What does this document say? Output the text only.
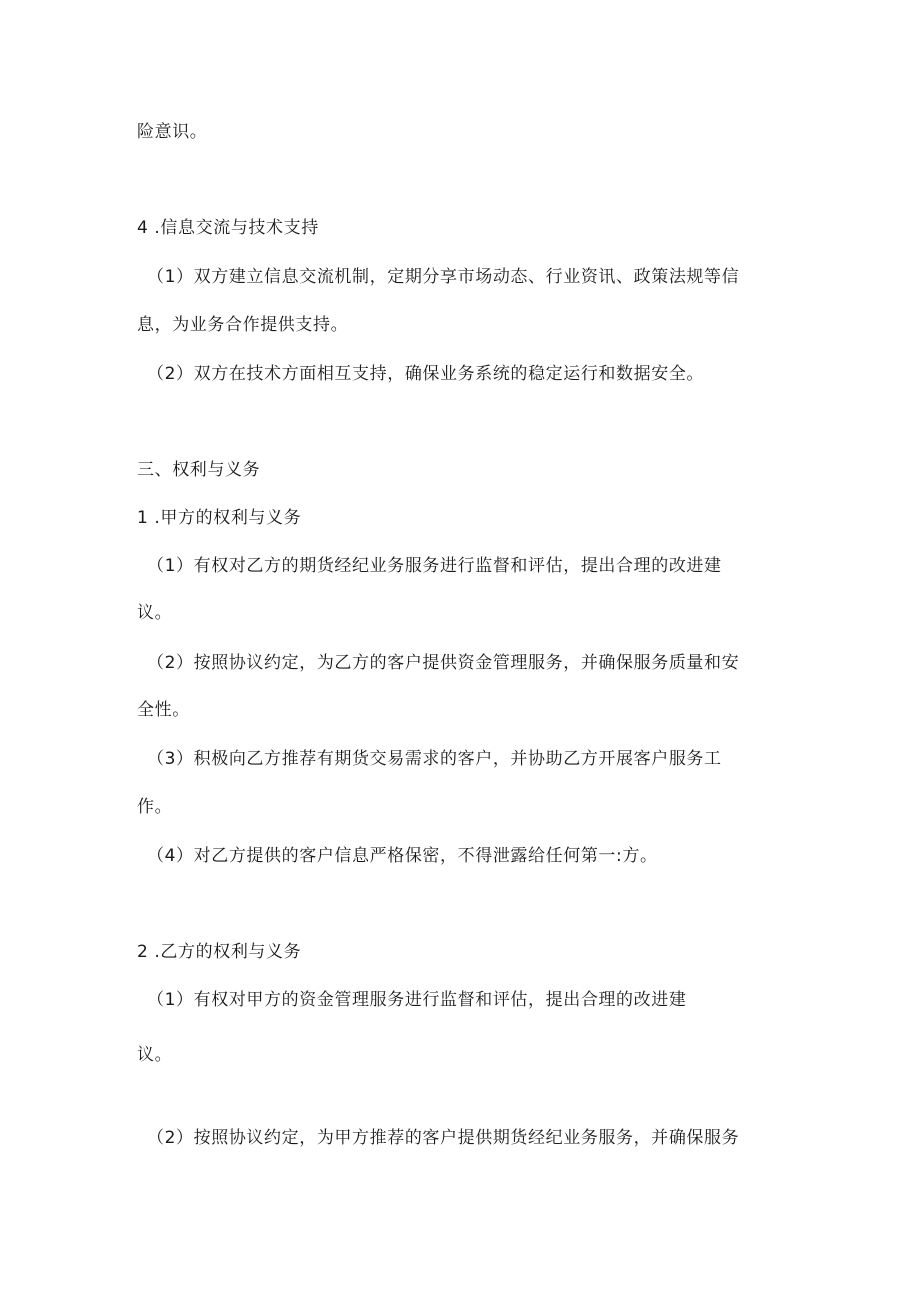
险意识。

4 .信息交流与技术支持

（1）双方建立信息交流机制，定期分享市场动态、行业资讯、政策法规等信

息，为业务合作提供支持。

（2）双方在技术方面相互支持，确保业务系统的稳定运行和数据安全。

三、权利与义务

1 .甲方的权利与义务

（1）有权对乙方的期货经纪业务服务进行监督和评估，提出合理的改进建

议。

（2）按照协议约定，为乙方的客户提供资金管理服务，并确保服务质量和安

全性。

（3）积极向乙方推荐有期货交易需求的客户，并协助乙方开展客户服务工

作。

（4）对乙方提供的客户信息严格保密，不得泄露给任何第一:方。

2 .乙方的权利与义务

（1）有权对甲方的资金管理服务进行监督和评估，提出合理的改进建

议。

（2）按照协议约定，为甲方推荐的客户提供期货经纪业务服务，并确保服务
